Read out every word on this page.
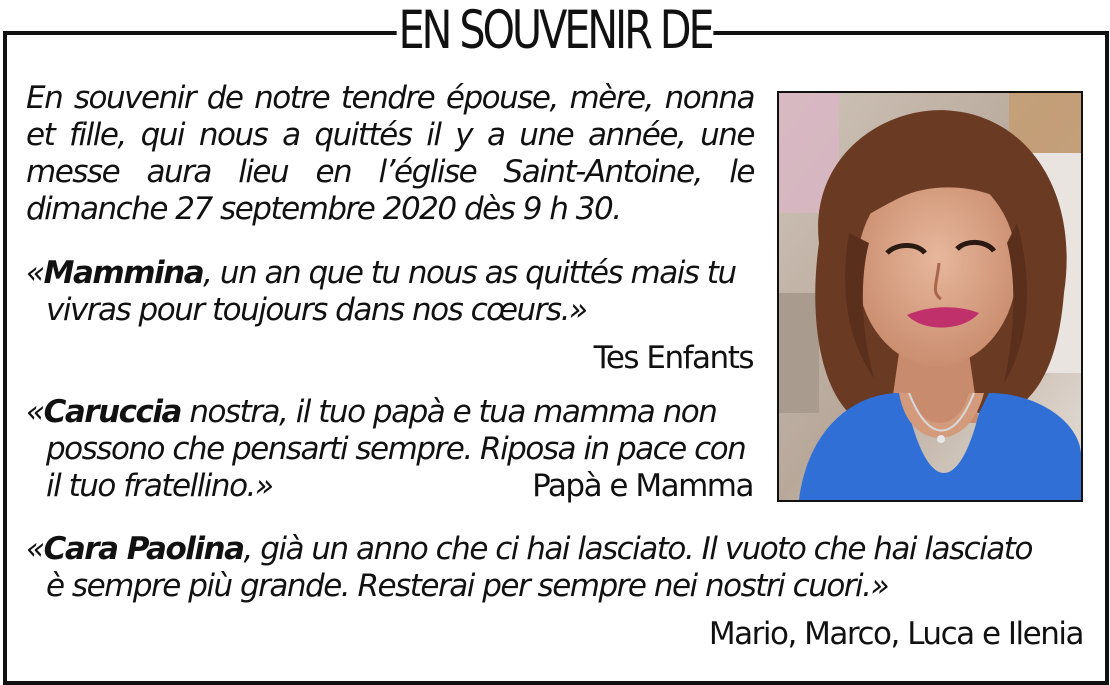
EN SOUVENIR DE

En souvenir de notre tendre épouse, mère, nonna
et fille, qui nous a quittés il y a une année, une
messe aura lieu en l’église Saint-Antoine, le
dimanche 27 septembre 2020 dès 9 h 30.

«Mammina, un an que tu nous as quittés mais tu
vivras pour toujours dans nos cœurs.»

Tes Enfants

«Caruccia nostra, il tuo papà e tua mamma non
possono che pensarti sempre. Riposa in pace con
il tuo fratellino.»	Papà e Mamma

«Cara Paolina, già un anno che ci hai lasciato. Il vuoto che hai lasciato
è sempre più grande. Resterai per sempre nei nostri cuori.»

Mario, Marco, Luca e Ilenia
